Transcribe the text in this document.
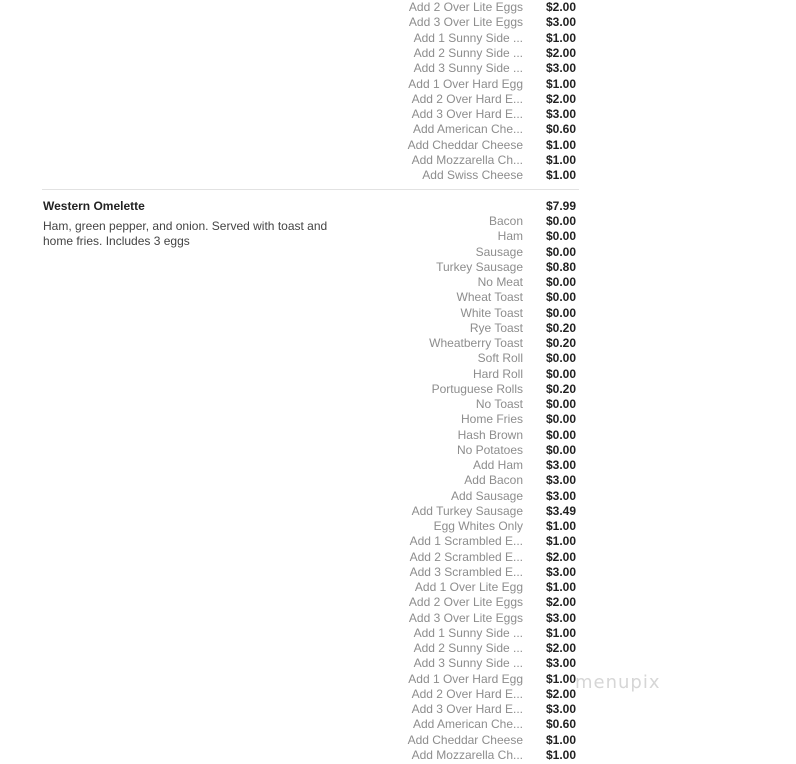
Add 2 Over Lite Eggs $2.00
Add 3 Over Lite Eggs $3.00
Add 1 Sunny Side ... $1.00
Add 2 Sunny Side ... $2.00
Add 3 Sunny Side ... $3.00
Add 1 Over Hard Egg $1.00
Add 2 Over Hard E... $2.00
Add 3 Over Hard E... $3.00
Add American Che... $0.60
Add Cheddar Cheese $1.00
Add Mozzarella Ch... $1.00
Add Swiss Cheese $1.00
Western Omelette	$7.99
Ham, green pepper, and onion. Served with toast and home fries. Includes 3 eggs
Bacon $0.00
Ham $0.00
Sausage $0.00
Turkey Sausage $0.80
No Meat $0.00
Wheat Toast $0.00
White Toast $0.00
Rye Toast $0.20
Wheatberry Toast $0.20
Soft Roll $0.00
Hard Roll $0.00
Portuguese Rolls $0.20
No Toast $0.00
Home Fries $0.00
Hash Brown $0.00
No Potatoes $0.00
Add Ham $3.00
Add Bacon $3.00
Add Sausage $3.00
Add Turkey Sausage $3.49
Egg Whites Only $1.00
Add 1 Scrambled E... $1.00
Add 2 Scrambled E... $2.00
Add 3 Scrambled E... $3.00
Add 1 Over Lite Egg $1.00
Add 2 Over Lite Eggs $2.00
Add 3 Over Lite Eggs $3.00
Add 1 Sunny Side ... $1.00
Add 2 Sunny Side ... $2.00
Add 3 Sunny Side ... $3.00
Add 1 Over Hard Egg $1.00
Add 2 Over Hard E... $2.00
Add 3 Over Hard E... $3.00
Add American Che... $0.60
Add Cheddar Cheese $1.00
Add Mozzarella Ch... $1.00
menupix
